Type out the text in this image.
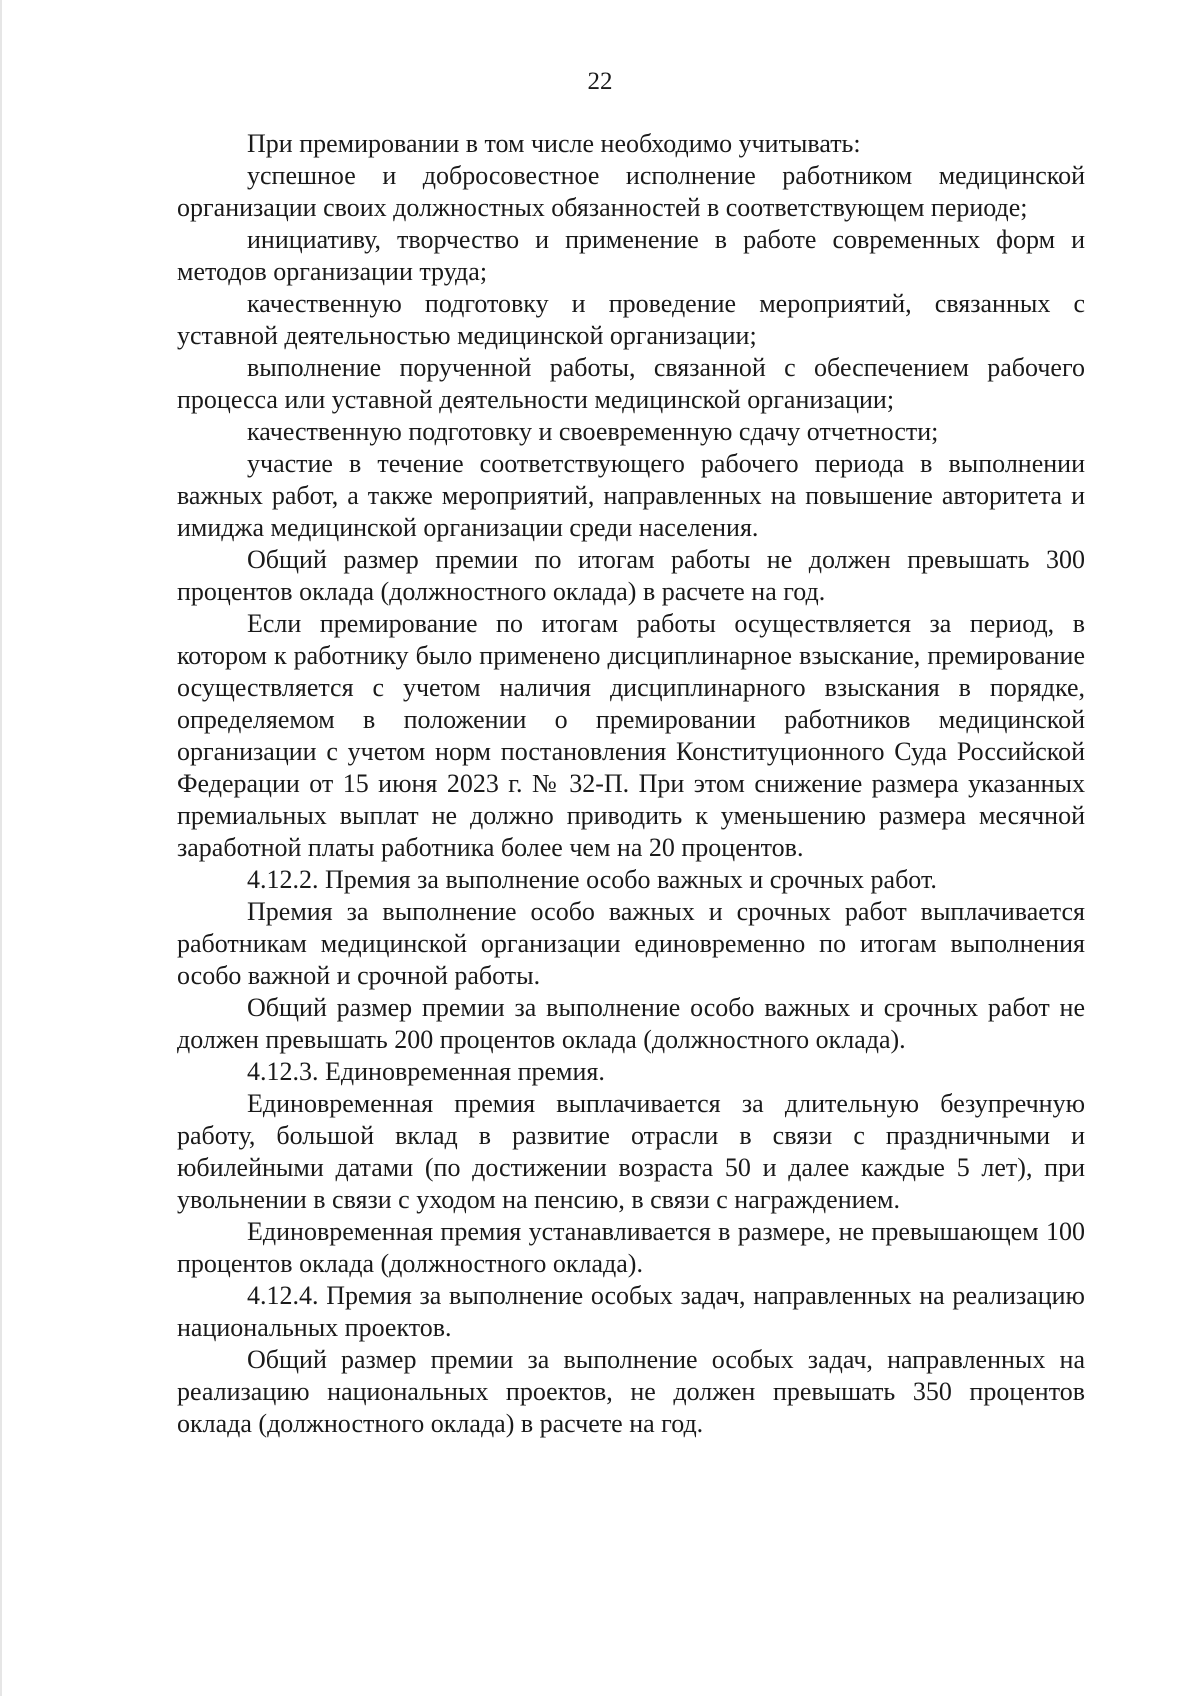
22

При премировании в том числе необходимо учитывать:

успешное и добросовестное исполнение работником медицинской организации своих должностных обязанностей в соответствующем периоде;

инициативу, творчество и применение в работе современных форм и методов организации труда;

качественную подготовку и проведение мероприятий, связанных с уставной деятельностью медицинской организации;

выполнение порученной работы, связанной с обеспечением рабочего процесса или уставной деятельности медицинской организации;

качественную подготовку и своевременную сдачу отчетности;

участие в течение соответствующего рабочего периода в выполнении важных работ, а также мероприятий, направленных на повышение авторитета и имиджа медицинской организации среди населения.

Общий размер премии по итогам работы не должен превышать 300 процентов оклада (должностного оклада) в расчете на год.

Если премирование по итогам работы осуществляется за период, в котором к работнику было применено дисциплинарное взыскание, премирование осуществляется с учетом наличия дисциплинарного взыскания в порядке, определяемом в положении о премировании работников медицинской организации с учетом норм постановления Конституционного Суда Российской Федерации от 15 июня 2023 г. № 32-П. При этом снижение размера указанных премиальных выплат не должно приводить к уменьшению размера месячной заработной платы работника более чем на 20 процентов.

4.12.2. Премия за выполнение особо важных и срочных работ.

Премия за выполнение особо важных и срочных работ выплачивается работникам медицинской организации единовременно по итогам выполнения особо важной и срочной работы.

Общий размер премии за выполнение особо важных и срочных работ не должен превышать 200 процентов оклада (должностного оклада).

4.12.3. Единовременная премия.

Единовременная премия выплачивается за длительную безупречную работу, большой вклад в развитие отрасли в связи с праздничными и юбилейными датами (по достижении возраста 50 и далее каждые 5 лет), при увольнении в связи с уходом на пенсию, в связи с награждением.

Единовременная премия устанавливается в размере, не превышающем 100 процентов оклада (должностного оклада).

4.12.4. Премия за выполнение особых задач, направленных на реализацию национальных проектов.

Общий размер премии за выполнение особых задач, направленных на реализацию национальных проектов, не должен превышать 350 процентов оклада (должностного оклада) в расчете на год.
